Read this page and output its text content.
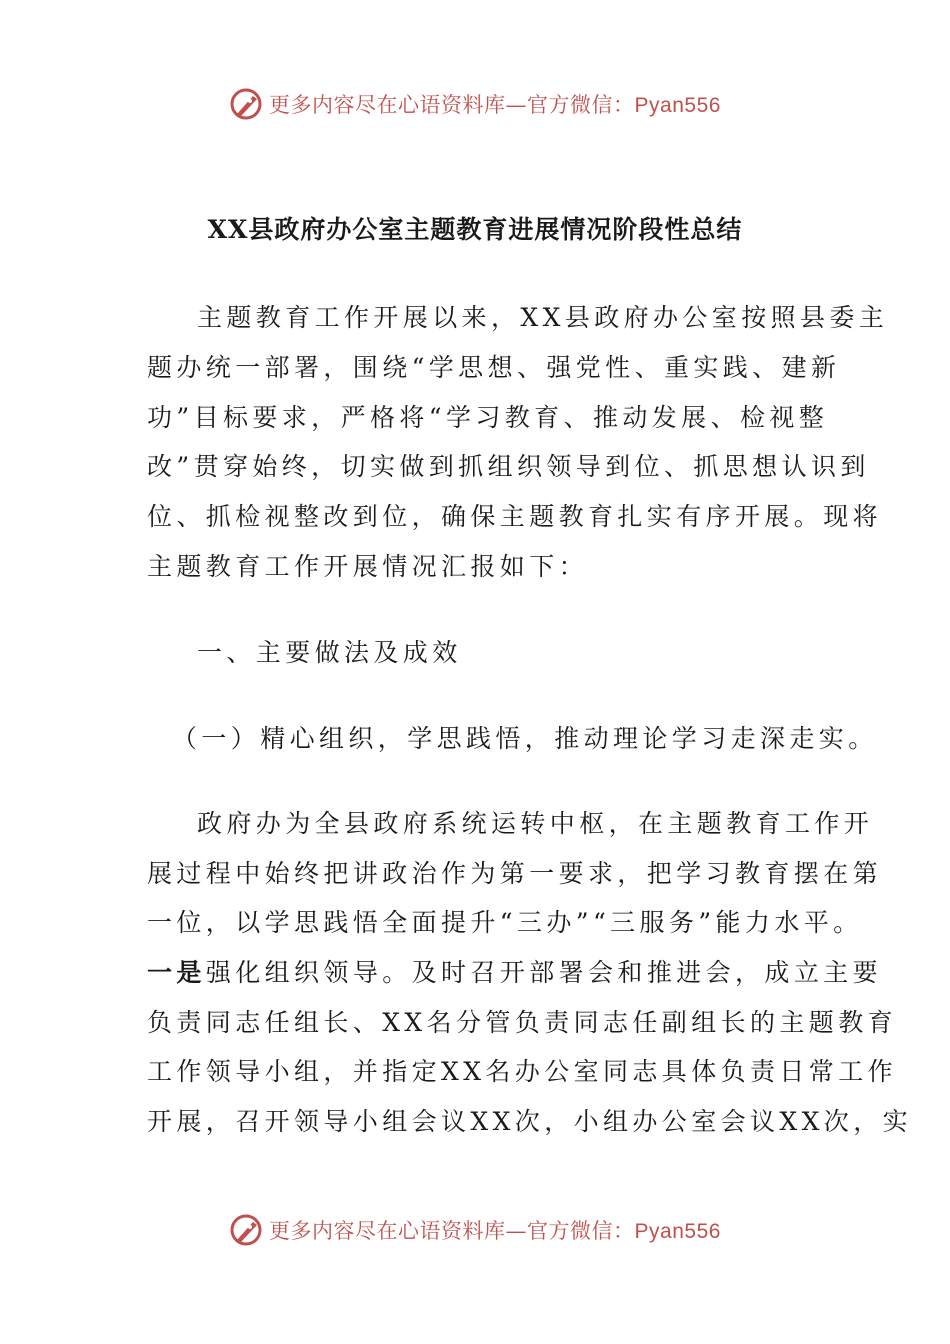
更多内容尽在心语资料库—官方微信：Pyan556
XX县政府办公室主题教育进展情况阶段性总结
主题教育工作开展以来，XX县政府办公室按照县委主
题办统一部署，围绕“学思想、强党性、重实践、建新
功”目标要求，严格将“学习教育、推动发展、检视整
改”贯穿始终，切实做到抓组织领导到位、抓思想认识到
位、抓检视整改到位，确保主题教育扎实有序开展。现将
主题教育工作开展情况汇报如下：
一、主要做法及成效
（一）精心组织，学思践悟，推动理论学习走深走实。
政府办为全县政府系统运转中枢，在主题教育工作开
展过程中始终把讲政治作为第一要求，把学习教育摆在第
一位，以学思践悟全面提升“三办”“三服务”能力水平。
一是强化组织领导。及时召开部署会和推进会，成立主要
负责同志任组长、XX名分管负责同志任副组长的主题教育
工作领导小组，并指定XX名办公室同志具体负责日常工作
开展，召开领导小组会议XX次，小组办公室会议XX次，实
更多内容尽在心语资料库—官方微信：Pyan556
